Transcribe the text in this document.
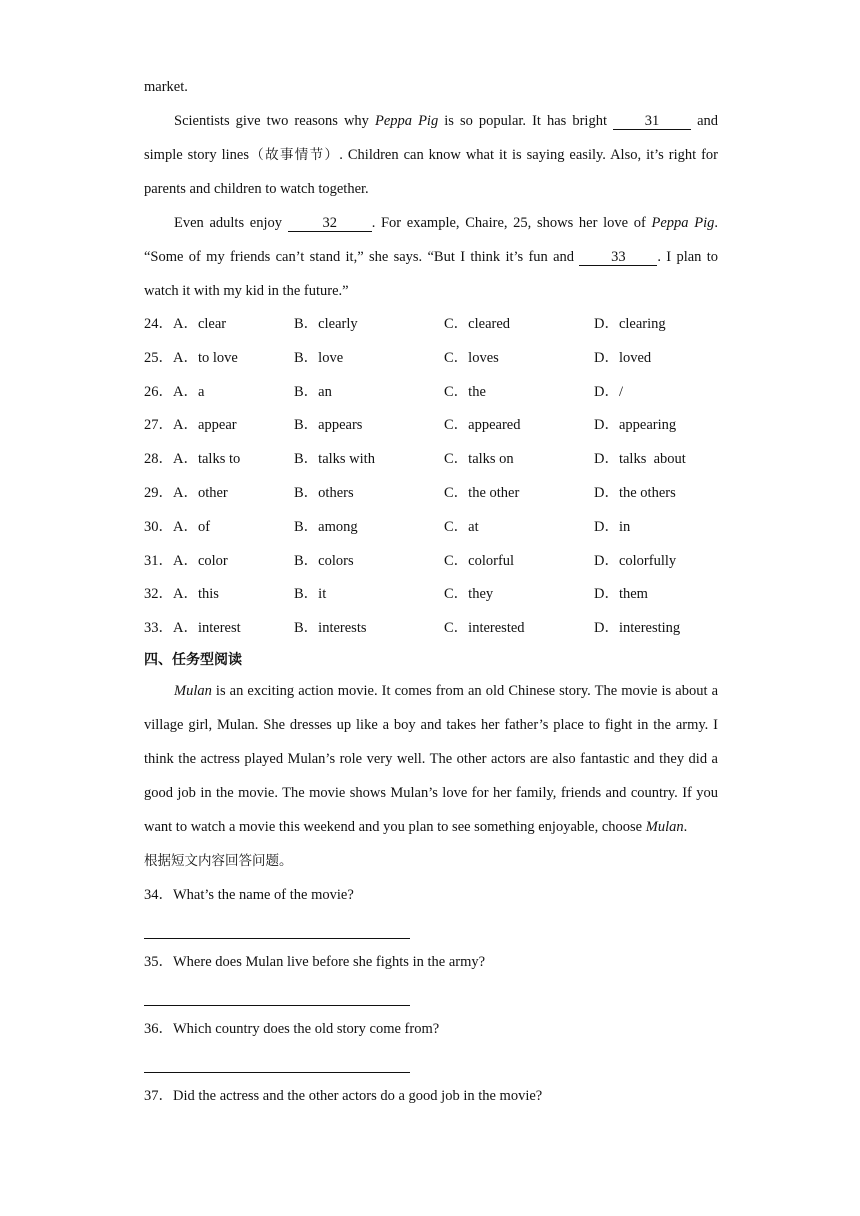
market.

Scientists give two reasons why Peppa Pig is so popular. It has bright 31 and simple story lines（故事情节）. Children can know what it is saying easily. Also, it’s right for parents and children to watch together.

Even adults enjoy 32 . For example, Chaire, 25, shows her love of Peppa Pig. “Some of my friends can’t stand it,” she says. “But I think it’s fun and 33 . I plan to watch it with my kid in the future.”

24．A．clear	B．clearly	C．cleared	D．clearing
25．A．to love	B．love	C．loves	D．loved
26．A．a	B．an	C．the	D．/
27．A．appear	B．appears	C．appeared	D．appearing
28．A．talks to	B．talks with	C．talks on	D．talks  about
29．A．other	B．others	C．the other	D．the others
30．A．of	B．among	C．at	D．in
31．A．color	B．colors	C．colorful	D．colorfully
32．A．this	B．it	C．they	D．them
33．A．interest	B．interests	C．interested	D．interesting
四、任务型阅读

Mulan is an exciting action movie. It comes from an old Chinese story. The movie is about a village girl, Mulan. She dresses up like a boy and takes her father’s place to fight in the army. I think the actress played Mulan’s role very well. The other actors are also fantastic and they did a good job in the movie. The movie shows Mulan’s love for her family, friends and country. If you want to watch a movie this weekend and you plan to see something enjoyable, choose Mulan.

根据短文内容回答问题。

34．What’s the name of the movie?

35．Where does Mulan live before she fights in the army?

36．Which country does the old story come from?

37．Did the actress and the other actors do a good job in the movie?
